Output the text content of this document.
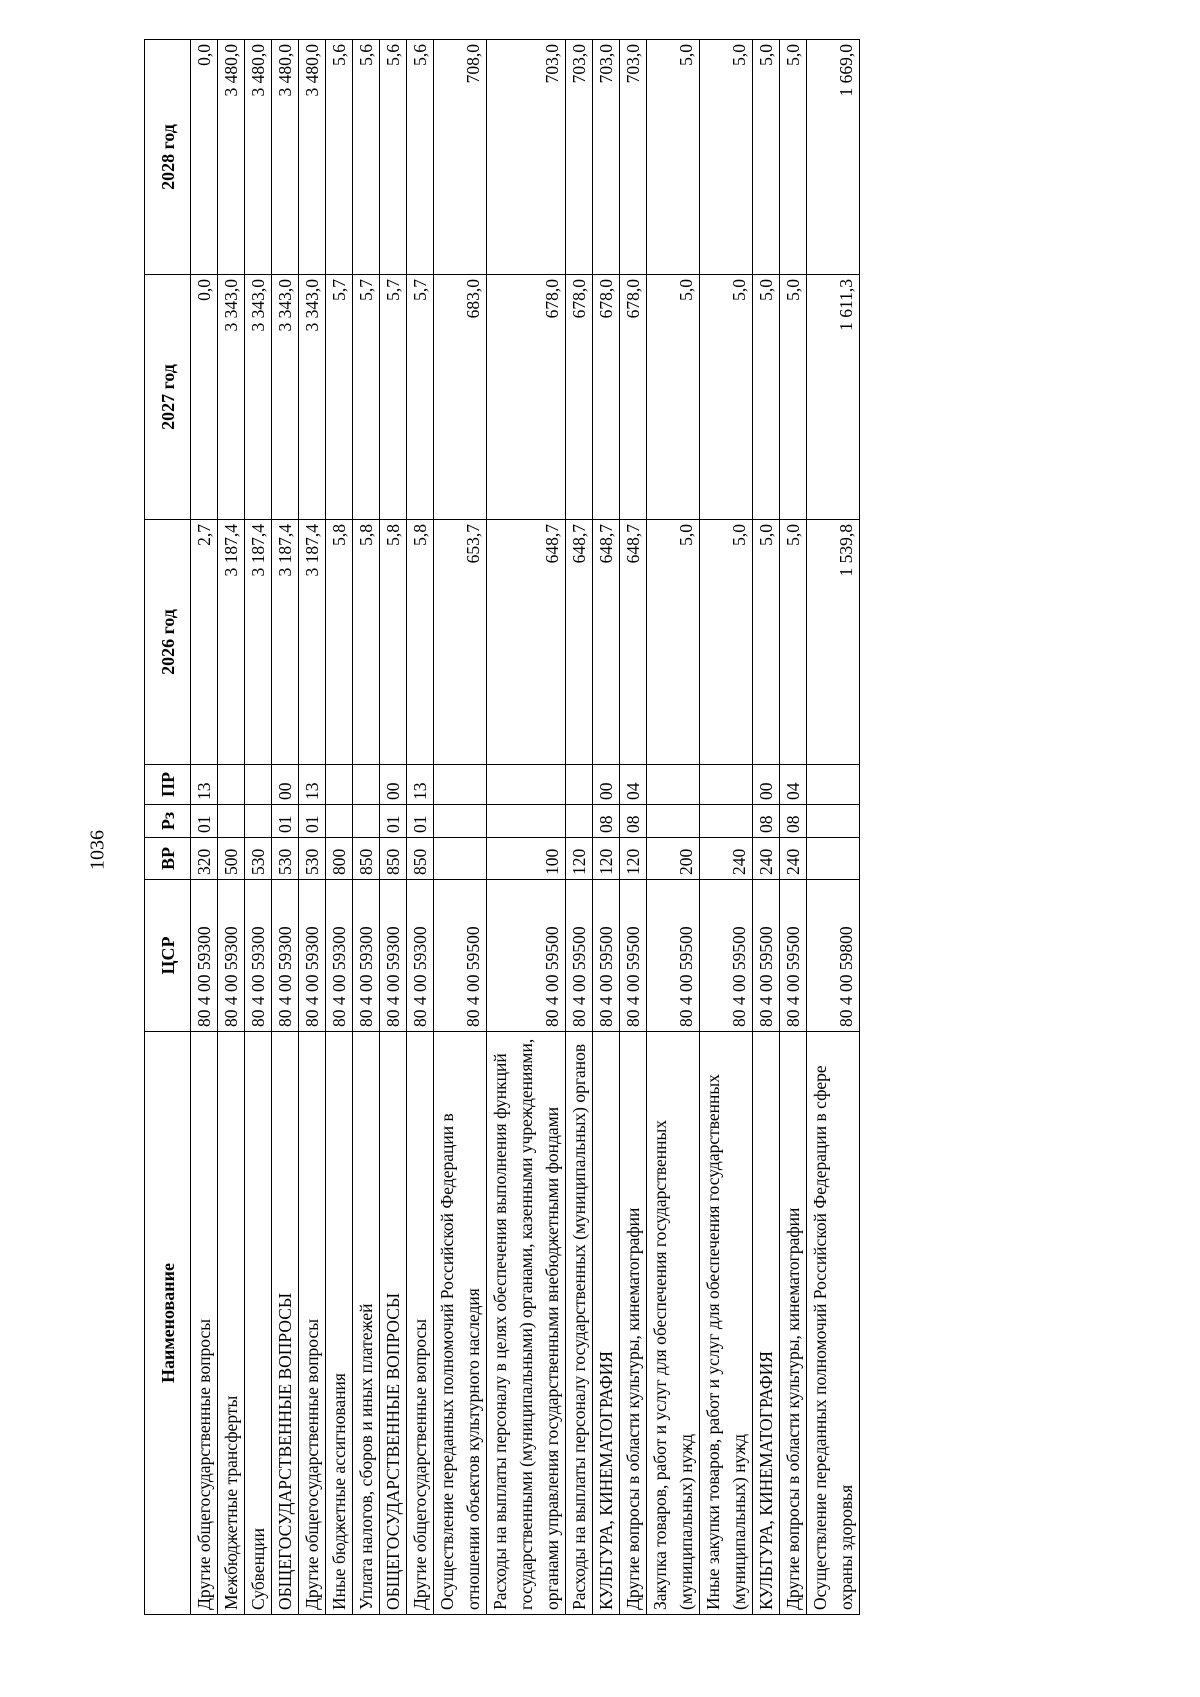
1036
Наименование	ЦСР	ВР	Рз	ПР	2026 год	2027 год	2028 год
Другие общегосударственные вопросы	80 4 00 59300	320	01	13	2,7	0,0	0,0
Межбюджетные трансферты	80 4 00 59300	500			3 187,4	3 343,0	3 480,0
Субвенции	80 4 00 59300	530			3 187,4	3 343,0	3 480,0
ОБЩЕГОСУДАРСТВЕННЫЕ ВОПРОСЫ	80 4 00 59300	530	01	00	3 187,4	3 343,0	3 480,0
Другие общегосударственные вопросы	80 4 00 59300	530	01	13	3 187,4	3 343,0	3 480,0
Иные бюджетные ассигнования	80 4 00 59300	800			5,8	5,7	5,6
Уплата налогов, сборов и иных платежей	80 4 00 59300	850			5,8	5,7	5,6
ОБЩЕГОСУДАРСТВЕННЫЕ ВОПРОСЫ	80 4 00 59300	850	01	00	5,8	5,7	5,6
Другие общегосударственные вопросы	80 4 00 59300	850	01	13	5,8	5,7	5,6
Осуществление переданных полномочий Российской Федерации в отношении объектов культурного наследия	80 4 00 59500				653,7	683,0	708,0
Расходы на выплаты персоналу в целях обеспечения выполнения функций государственными (муниципальными) органами, казенными учреждениями, органами управления государственными внебюджетными фондами	80 4 00 59500	100			648,7	678,0	703,0
Расходы на выплаты персоналу государственных (муниципальных) органов	80 4 00 59500	120			648,7	678,0	703,0
КУЛЬТУРА, КИНЕМАТОГРАФИЯ	80 4 00 59500	120	08	00	648,7	678,0	703,0
Другие вопросы в области культуры, кинематографии	80 4 00 59500	120	08	04	648,7	678,0	703,0
Закупка товаров, работ и услуг для обеспечения государственных (муниципальных) нужд	80 4 00 59500	200			5,0	5,0	5,0
Иные закупки товаров, работ и услуг для обеспечения государственных (муниципальных) нужд	80 4 00 59500	240			5,0	5,0	5,0
КУЛЬТУРА, КИНЕМАТОГРАФИЯ	80 4 00 59500	240	08	00	5,0	5,0	5,0
Другие вопросы в области культуры, кинематографии	80 4 00 59500	240	08	04	5,0	5,0	5,0
Осуществление переданных полномочий Российской Федерации в сфере охраны здоровья	80 4 00 59800				1 539,8	1 611,3	1 669,0
